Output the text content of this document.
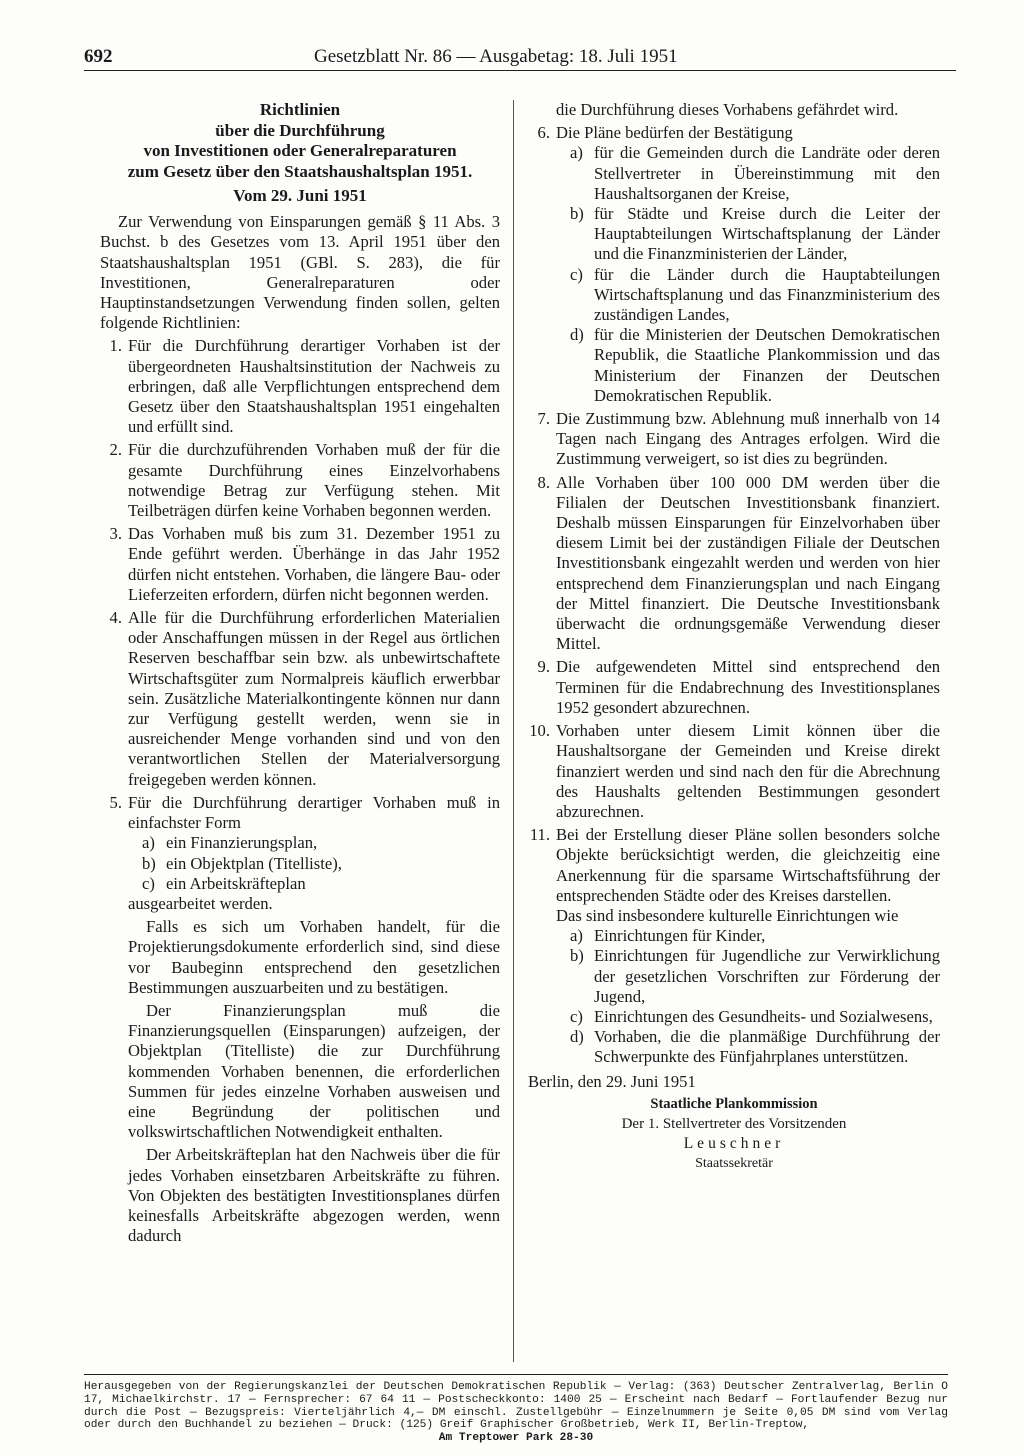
692	Gesetzblatt Nr. 86 — Ausgabetag: 18. Juli 1951

Richtlinien

über die Durchführung

von Investitionen oder Generalreparaturen

zum Gesetz über den Staatshaushaltsplan 1951.

Vom 29. Juni 1951

Zur Verwendung von Einsparungen gemäß § 11 Abs. 3 Buchst. b des Gesetzes vom 13. April 1951 über den Staatshaushaltsplan 1951 (GBl. S. 283), die für Investitionen, Generalreparaturen oder Hauptinstandsetzungen Verwendung finden sollen, gelten folgende Richtlinien:

1. Für die Durchführung derartiger Vorhaben ist der übergeordneten Haushaltsinstitution der Nachweis zu erbringen, daß alle Verpflichtungen entsprechend dem Gesetz über den Staatshaushaltsplan 1951 eingehalten und erfüllt sind.

2. Für die durchzuführenden Vorhaben muß der für die gesamte Durchführung eines Einzelvorhabens notwendige Betrag zur Verfügung stehen. Mit Teilbeträgen dürfen keine Vorhaben begonnen werden.

3. Das Vorhaben muß bis zum 31. Dezember 1951 zu Ende geführt werden. Überhänge in das Jahr 1952 dürfen nicht entstehen. Vorhaben, die längere Bau- oder Lieferzeiten erfordern, dürfen nicht begonnen werden.

4. Alle für die Durchführung erforderlichen Materialien oder Anschaffungen müssen in der Regel aus örtlichen Reserven beschaffbar sein bzw. als unbewirtschaftete Wirtschaftsgüter zum Normalpreis käuflich erwerbbar sein. Zusätzliche Materialkontingente können nur dann zur Verfügung gestellt werden, wenn sie in ausreichender Menge vorhanden sind und von den verantwortlichen Stellen der Materialversorgung freigegeben werden können.

5. Für die Durchführung derartiger Vorhaben muß in einfachster Form

a) ein Finanzierungsplan,

b) ein Objektplan (Titelliste),

c) ein Arbeitskräfteplan

ausgearbeitet werden.

Falls es sich um Vorhaben handelt, für die Projektierungsdokumente erforderlich sind, sind diese vor Baubeginn entsprechend den gesetzlichen Bestimmungen auszuarbeiten und zu bestätigen.

Der Finanzierungsplan muß die Finanzierungsquellen (Einsparungen) aufzeigen, der Objektplan (Titelliste) die zur Durchführung kommenden Vorhaben benennen, die erforderlichen Summen für jedes einzelne Vorhaben ausweisen und eine Begründung der politischen und volkswirtschaftlichen Notwendigkeit enthalten.

Der Arbeitskräfteplan hat den Nachweis über die für jedes Vorhaben einsetzbaren Arbeitskräfte zu führen. Von Objekten des bestätigten Investitionsplanes dürfen keinesfalls Arbeitskräfte abgezogen werden, wenn dadurch

die Durchführung dieses Vorhabens gefährdet wird.

6. Die Pläne bedürfen der Bestätigung

a) für die Gemeinden durch die Landräte oder deren Stellvertreter in Übereinstimmung mit den Haushaltsorganen der Kreise,

b) für Städte und Kreise durch die Leiter der Hauptabteilungen Wirtschaftsplanung der Länder und die Finanzministerien der Länder,

c) für die Länder durch die Hauptabteilungen Wirtschaftsplanung und das Finanzministerium des zuständigen Landes,

d) für die Ministerien der Deutschen Demokratischen Republik, die Staatliche Plankommission und das Ministerium der Finanzen der Deutschen Demokratischen Republik.

7. Die Zustimmung bzw. Ablehnung muß innerhalb von 14 Tagen nach Eingang des Antrages erfolgen. Wird die Zustimmung verweigert, so ist dies zu begründen.

8. Alle Vorhaben über 100 000 DM werden über die Filialen der Deutschen Investitionsbank finanziert. Deshalb müssen Einsparungen für Einzelvorhaben über diesem Limit bei der zuständigen Filiale der Deutschen Investitionsbank eingezahlt werden und werden von hier entsprechend dem Finanzierungsplan und nach Eingang der Mittel finanziert. Die Deutsche Investitionsbank überwacht die ordnungsgemäße Verwendung dieser Mittel.

9. Die aufgewendeten Mittel sind entsprechend den Terminen für die Endabrechnung des Investitionsplanes 1952 gesondert abzurechnen.

10. Vorhaben unter diesem Limit können über die Haushaltsorgane der Gemeinden und Kreise direkt finanziert werden und sind nach den für die Abrechnung des Haushalts geltenden Bestimmungen gesondert abzurechnen.

11. Bei der Erstellung dieser Pläne sollen besonders solche Objekte berücksichtigt werden, die gleichzeitig eine Anerkennung für die sparsame Wirtschaftsführung der entsprechenden Städte oder des Kreises darstellen.

Das sind insbesondere kulturelle Einrichtungen wie

a) Einrichtungen für Kinder,

b) Einrichtungen für Jugendliche zur Verwirklichung der gesetzlichen Vorschriften zur Förderung der Jugend,

c) Einrichtungen des Gesundheits- und Sozialwesens,

d) Vorhaben, die die planmäßige Durchführung der Schwerpunkte des Fünfjahrplanes unterstützen.

Berlin, den 29. Juni 1951

Staatliche Plankommission

Der 1. Stellvertreter des Vorsitzenden

Leuschner

Staatssekretär

Herausgegeben von der Regierungskanzlei der Deutschen Demokratischen Republik — Verlag: (363) Deutscher Zentralverlag, Berlin O 17, Michaelkirchstr. 17 — Fernsprecher: 67 64 11 — Postscheckkonto: 1400 25 — Erscheint nach Bedarf — Fortlaufender Bezug nur durch die Post — Bezugspreis: Vierteljährlich 4,— DM einschl. Zustellgebühr — Einzelnummern je Seite 0,05 DM sind vom Verlag oder durch den Buchhandel zu beziehen — Druck: (125) Greif Graphischer Großbetrieb, Werk II, Berlin-Treptow,

Am Treptower Park 28-30
